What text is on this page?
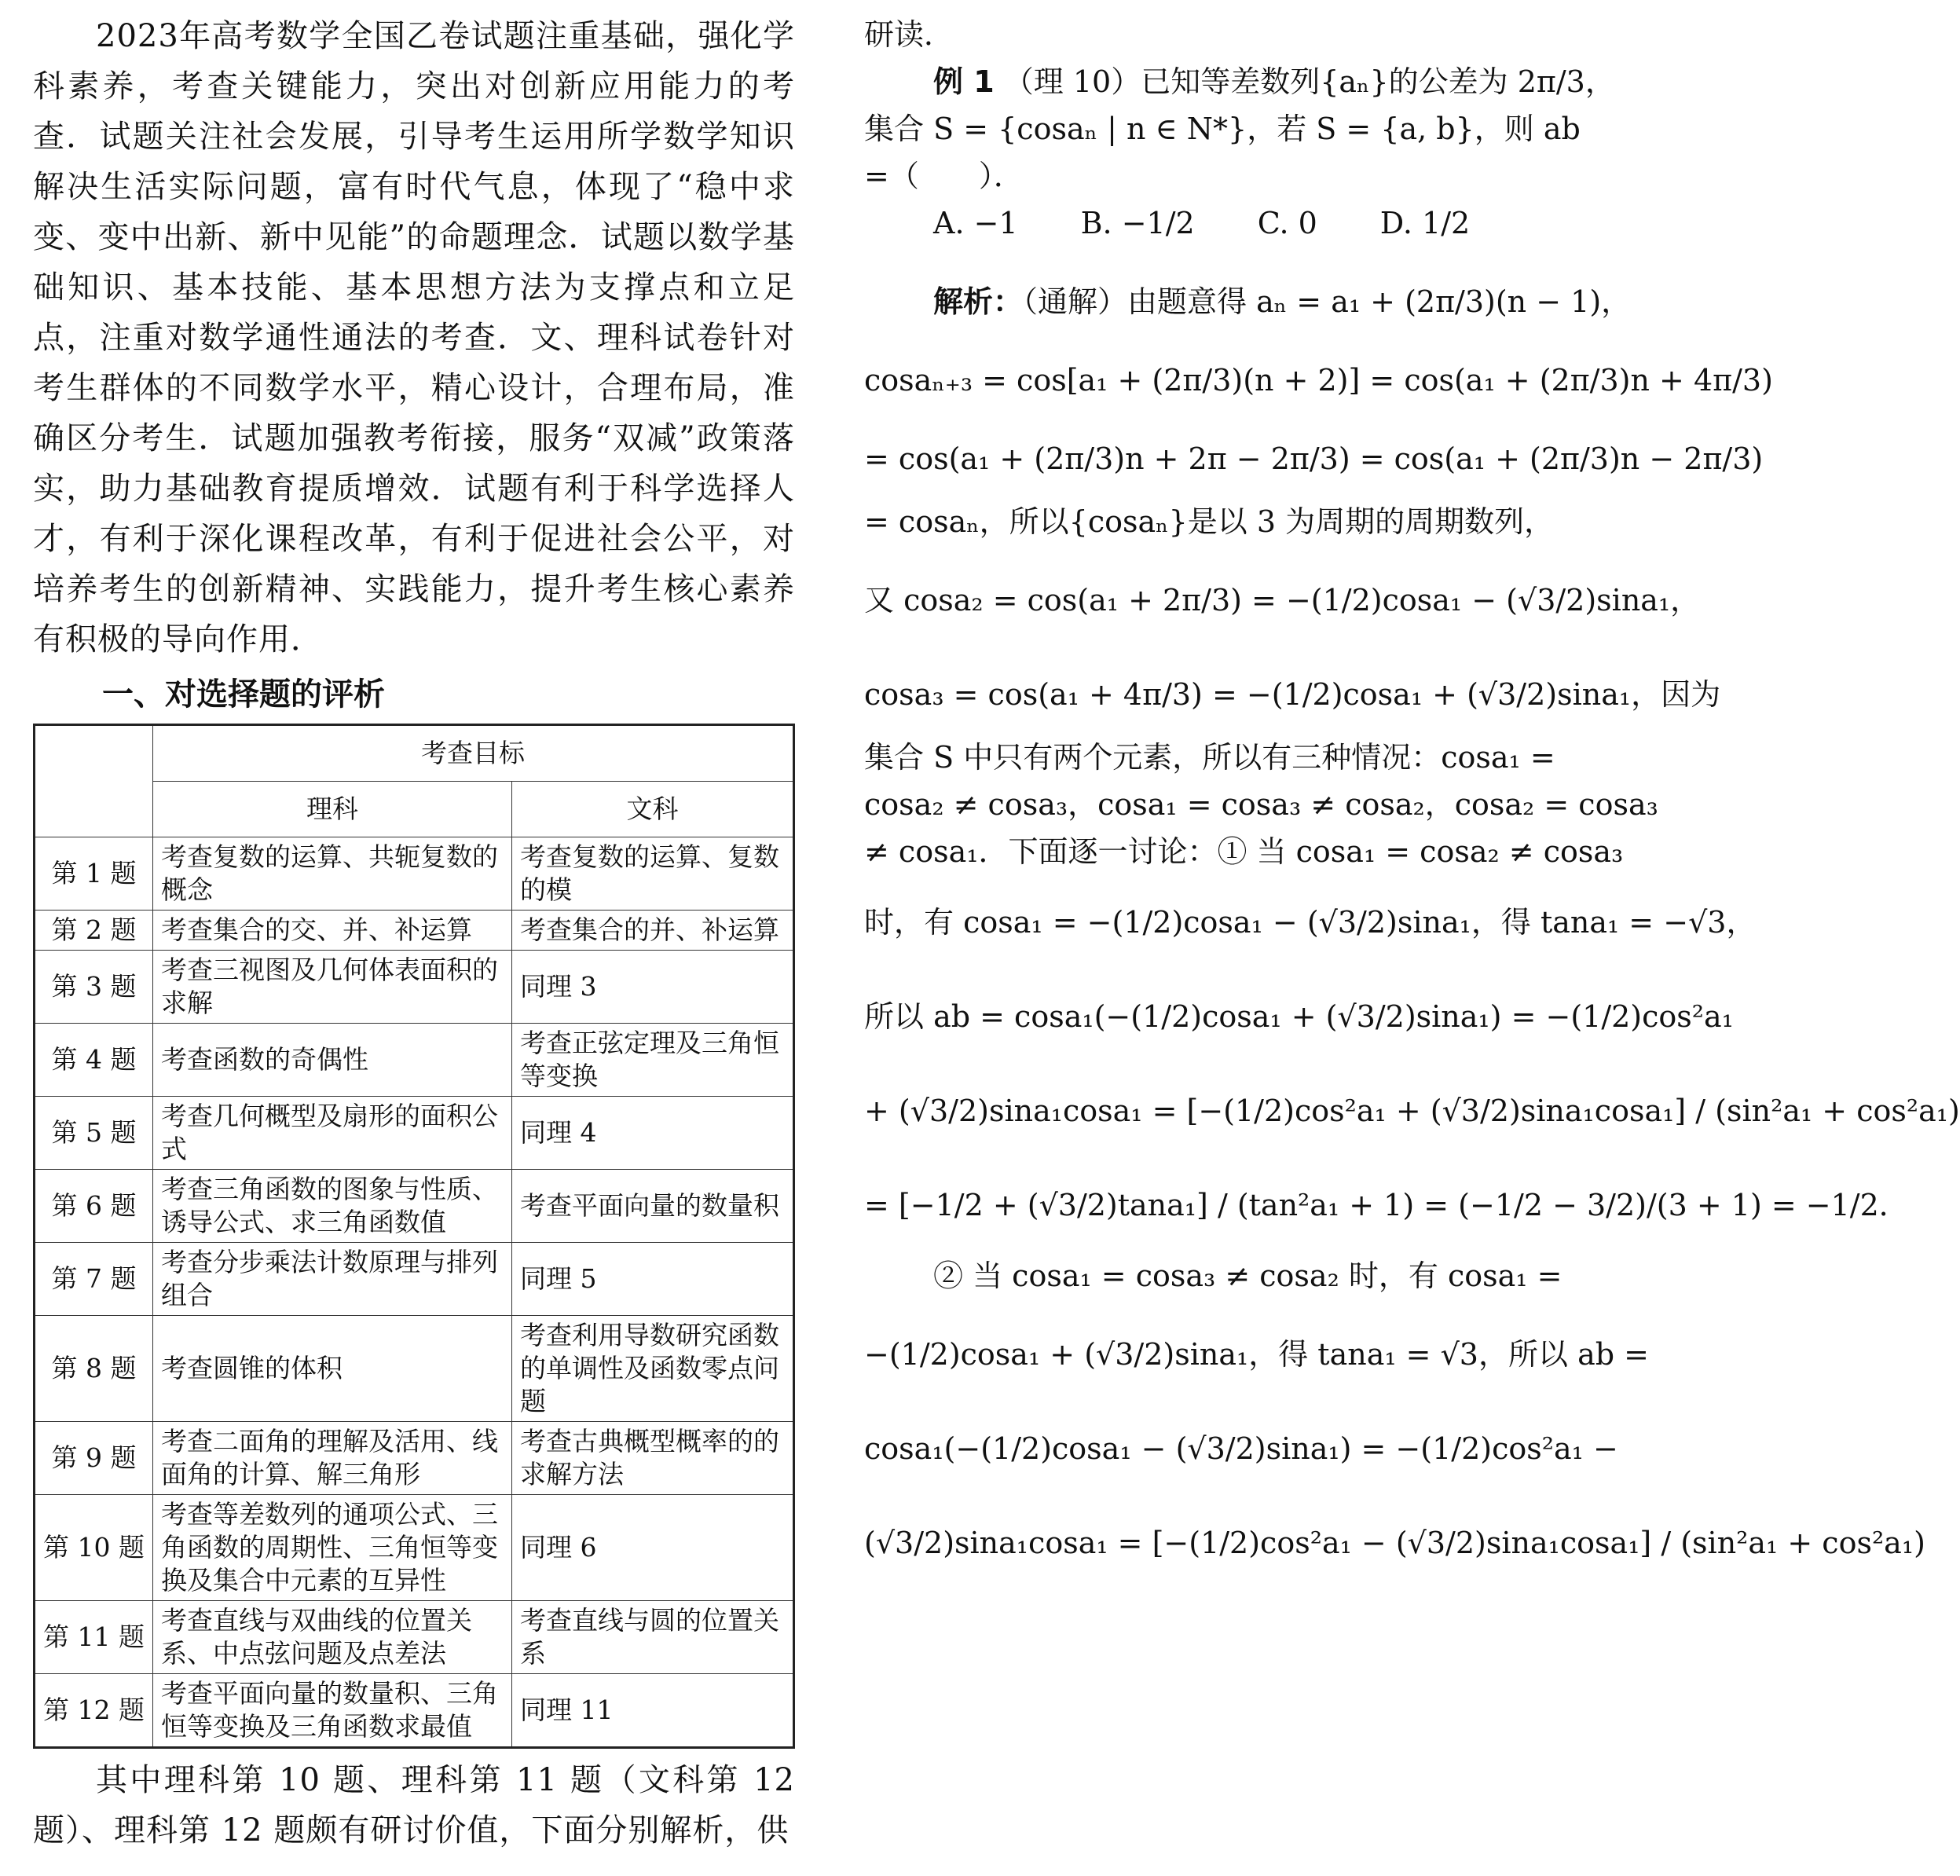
2023年高考数学全国乙卷试题注重基础，强化学科素养，考查关键能力，突出对创新应用能力的考查．试题关注社会发展，引导考生运用所学数学知识解决生活实际问题，富有时代气息，体现了“稳中求变、变中出新、新中见能”的命题理念．试题以数学基础知识、基本技能、基本思想方法为支撑点和立足点，注重对数学通性通法的考查．文、理科试卷针对考生群体的不同数学水平，精心设计，合理布局，准确区分考生．试题加强教考衔接，服务“双减”政策落实，助力基础教育提质增效．试题有利于科学选择人才，有利于深化课程改革，有利于促进社会公平，对培养考生的创新精神、实践能力，提升考生核心素养有积极的导向作用．

一、对选择题的评析
	考查目标	
	理科	文科
第 1 题	考查复数的运算、共轭复数的概念	考查复数的运算、复数的模
第 2 题	考查集合的交、并、补运算	考查集合的并、补运算
第 3 题	考查三视图及几何体表面积的求解	同理 3
第 4 题	考查函数的奇偶性	考查正弦定理及三角恒等变换
第 5 题	考查几何概型及扇形的面积公式	同理 4
第 6 题	考查三角函数的图象与性质、诱导公式、求三角函数值	考查平面向量的数量积
第 7 题	考查分步乘法计数原理与排列组合	同理 5
第 8 题	考查圆锥的体积	考查利用导数研究函数的单调性及函数零点问题
第 9 题	考查二面角的理解及活用、线面角的计算、解三角形	考查古典概型概率的的求解方法
第 10 题	考查等差数列的通项公式、三角函数的周期性、三角恒等变换及集合中元素的互异性	同理 6
第 11 题	考查直线与双曲线的位置关系、中点弦问题及点差法	考查直线与圆的位置关系
第 12 题	考查平面向量的数量积、三角恒等变换及三角函数求最值	同理 11

其中理科第 10 题、理科第 11 题（文科第 12 题）、理科第 12 题颇有研讨价值，下面分别解析，供

研读．

例 1 （理 10）已知等差数列{aₙ}的公差为 2π/3，

集合 S = {cosaₙ | n ∈ N*}，若 S = {a, b}，则 ab

=（　　）．

A. −1 B. −1/2 C. 0 D. 1/2

解析：（通解）由题意得 aₙ = a₁ + (2π/3)(n − 1)，

cosaₙ₊₃ = cos[a₁ + (2π/3)(n + 2)] = cos(a₁ + (2π/3)n + 4π/3)

= cos(a₁ + (2π/3)n + 2π − 2π/3) = cos(a₁ + (2π/3)n − 2π/3)

= cosaₙ，所以{cosaₙ}是以 3 为周期的周期数列，

又 cosa₂ = cos(a₁ + 2π/3) = −(1/2)cosa₁ − (√3/2)sina₁，

cosa₃ = cos(a₁ + 4π/3) = −(1/2)cosa₁ + (√3/2)sina₁，因为

集合 S 中只有两个元素，所以有三种情况：cosa₁ =

cosa₂ ≠ cosa₃，cosa₁ = cosa₃ ≠ cosa₂，cosa₂ = cosa₃

≠ cosa₁．下面逐一讨论：① 当 cosa₁ = cosa₂ ≠ cosa₃

时，有 cosa₁ = −(1/2)cosa₁ − (√3/2)sina₁，得 tana₁ = −√3，

所以 ab = cosa₁(−(1/2)cosa₁ + (√3/2)sina₁) = −(1/2)cos²a₁

+ (√3/2)sina₁cosa₁ = [−(1/2)cos²a₁ + (√3/2)sina₁cosa₁] / (sin²a₁ + cos²a₁)

= [−1/2 + (√3/2)tana₁] / (tan²a₁ + 1) = (−1/2 − 3/2)/(3 + 1) = −1/2．

② 当 cosa₁ = cosa₃ ≠ cosa₂ 时，有 cosa₁ =

−(1/2)cosa₁ + (√3/2)sina₁，得 tana₁ = √3，所以 ab =

cosa₁(−(1/2)cosa₁ − (√3/2)sina₁) = −(1/2)cos²a₁ −

(√3/2)sina₁cosa₁ = [−(1/2)cos²a₁ − (√3/2)sina₁cosa₁] / (sin²a₁ + cos²a₁)
